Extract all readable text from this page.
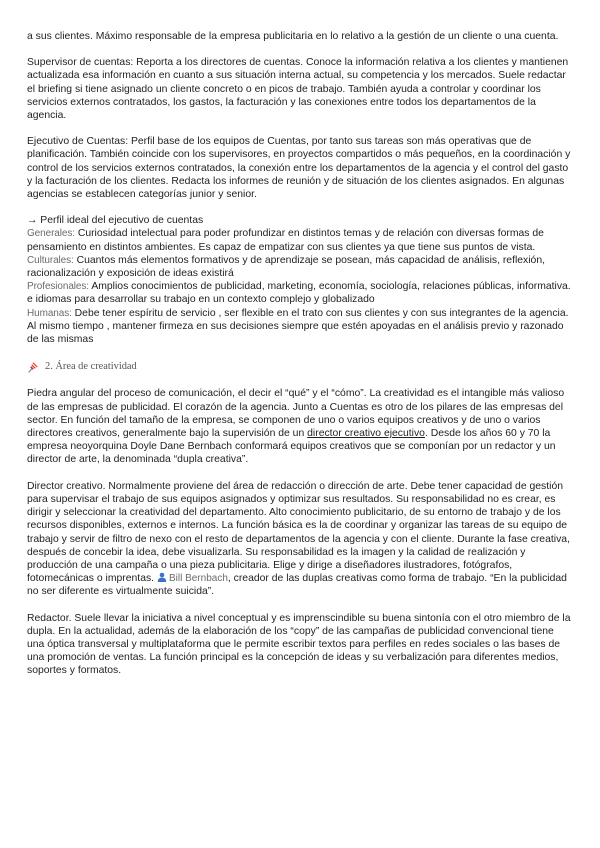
a sus clientes. Máximo responsable de la empresa publicitaria en lo relativo a la gestión de un cliente o una cuenta.

Supervisor de cuentas: Reporta a los directores de cuentas. Conoce la información relativa a los clientes y mantienen actualizada esa información en cuanto a sus situación interna actual, su competencia y los mercados. Suele redactar el briefing si tiene asignado un cliente concreto o en picos de trabajo. También ayuda a controlar y coordinar los servicios externos contratados, los gastos, la facturación y las conexiones entre todos los departamentos de la agencia.

Ejecutivo de Cuentas: Perfil base de los equipos de Cuentas, por tanto sus tareas son más operativas que de planificación. También coincide con los supervisores, en proyectos compartidos o más pequeños, en la coordinación y control de los servicios externos contratados, la conexión entre los departamentos de la agencia y el control del gasto y la facturación de los clientes. Redacta los informes de reunión y de situación de los clientes asignados. En algunas agencias se establecen categorías junior y senior.

→ Perfil ideal del ejecutivo de cuentas

Generales: Curiosidad intelectual para poder profundizar en distintos temas y de relación con diversas formas de pensamiento en distintos ambientes. Es capaz de empatizar con sus clientes ya que tiene sus puntos de vista.

Culturales: Cuantos más elementos formativos y de aprendizaje se posean, más capacidad de análisis, reflexión, racionalización y exposición de ideas existirá

Profesionales: Amplios conocimientos de publicidad, marketing, economía, sociología, relaciones públicas, informativa. e idiomas para desarrollar su trabajo en un contexto complejo y globalizado

Humanas: Debe tener espíritu de servicio , ser flexible en el trato con sus clientes y con sus integrantes de la agencia. Al mismo tiempo , mantener firmeza en sus decisiones siempre que estén apoyadas en el análisis previo y razonado de las mismas

2. Área de creatividad

Piedra angular del proceso de comunicación, el decir el “qué” y el “cómo”. La creatividad es el intangible más valioso de las empresas de publicidad. El corazón de la agencia. Junto a Cuentas es otro de los pilares de las empresas del sector. En función del tamaño de la empresa, se componen de uno o varios equipos creativos y de uno o varios directores creativos, generalmente bajo la supervisión de un director creativo ejecutivo. Desde los años 60 y 70 la empresa neoyorquina Doyle Dane Bernbach conformará equipos creativos que se componían por un redactor y un director de arte, la denominada “dupla creativa”.

Director creativo. Normalmente proviene del área de redacción o dirección de arte. Debe tener capacidad de gestión para supervisar el trabajo de sus equipos asignados y optimizar sus resultados. Su responsabilidad no es crear, es dirigir y seleccionar la creatividad del departamento. Alto conocimiento publicitario, de su entorno de trabajo y de los recursos disponibles, externos e internos. La función básica es la de coordinar y organizar las tareas de su equipo de trabajo y servir de filtro de nexo con el resto de departamentos de la agencia y con el cliente. Durante la fase creativa, después de concebir la idea, debe visualizarla. Su responsabilidad es la imagen y la calidad de realización y producción de una campaña o una pieza publicitaria. Elige y dirige a diseñadores ilustradores, fotógrafos, fotomecánicas o imprentas. Bill Bernbach, creador de las duplas creativas como forma de trabajo. “En la publicidad no ser diferente es virtualmente suicida”.

Redactor. Suele llevar la iniciativa a nivel conceptual y es imprenscindible su buena sintonía con el otro miembro de la dupla. En la actualidad, además de la elaboración de los “copy” de las campañas de publicidad convencional tiene una óptica transversal y multiplataforma que le permite escribir textos para perfiles en redes sociales o las bases de una promoción de ventas. La función principal es la concepción de ideas y su verbalización para diferentes medios, soportes y formatos.
